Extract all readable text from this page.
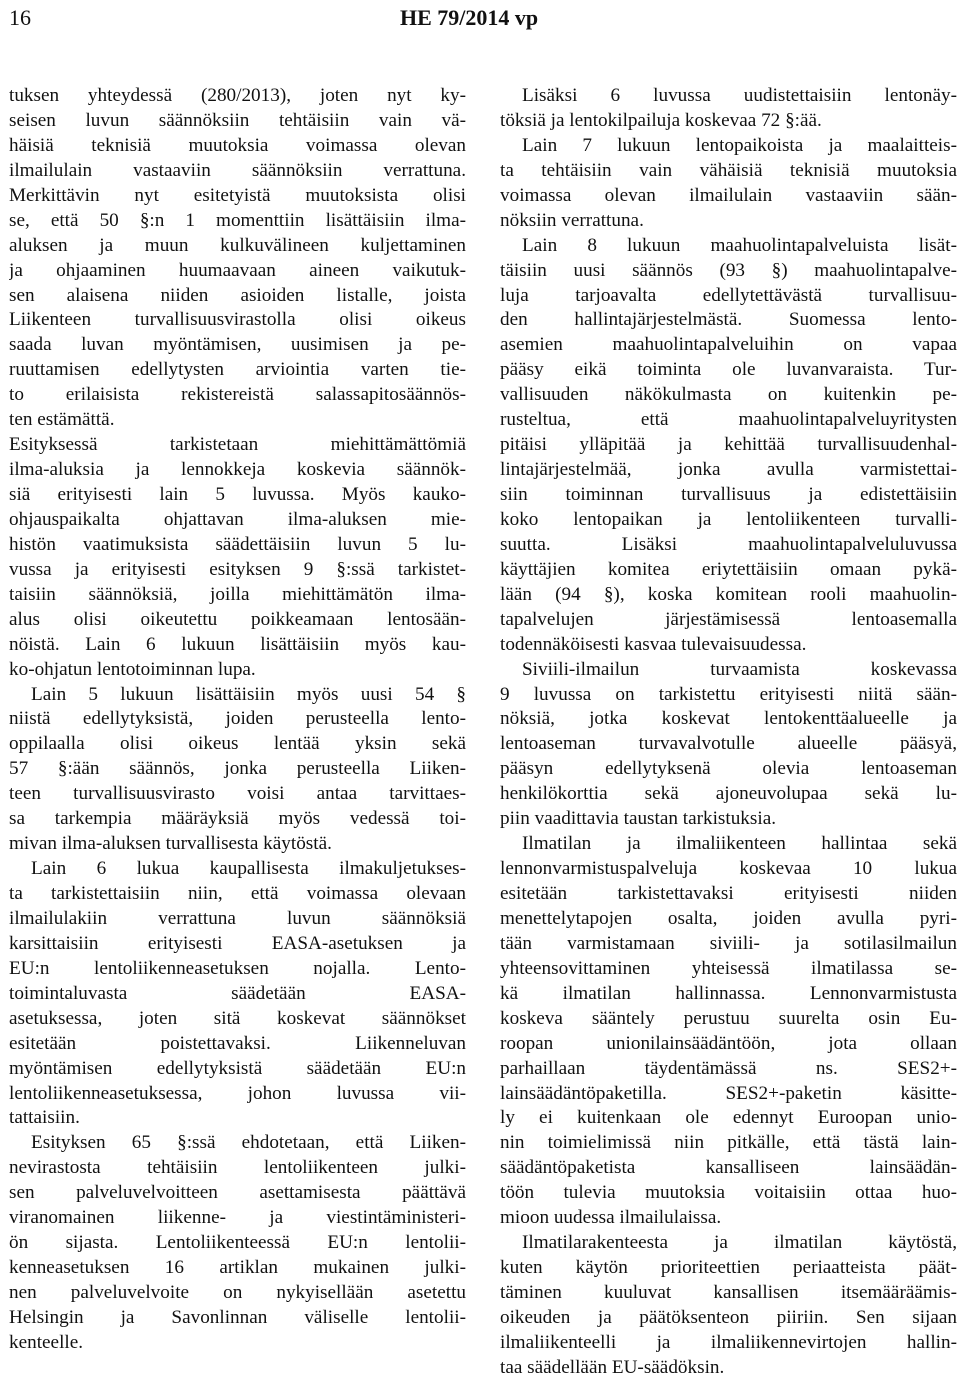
16	HE 79/2014 vp
tuksen yhteydessä (280/2013), joten nyt ky-
seisen luvun säännöksiin tehtäisiin vain vä-
häisiä teknisiä muutoksia voimassa olevan
ilmailulain vastaaviin säännöksiin verrattuna.
Merkittävin nyt esitetyistä muutoksista olisi
se, että 50 §:n 1 momenttiin lisättäisiin ilma-
aluksen ja muun kulkuvälineen kuljettaminen
ja ohjaaminen huumaavaan aineen vaikutuk-
sen alaisena niiden asioiden listalle, joista
Liikenteen turvallisuusvirastolla olisi oikeus
saada luvan myöntämisen, uusimisen ja pe-
ruuttamisen edellytysten arviointia varten tie-
to erilaisista rekistereistä salassapitosäännös-
ten estämättä.
Esityksessä tarkistetaan miehittämättömiä
ilma-aluksia ja lennokkeja koskevia säännök-
siä erityisesti lain 5 luvussa. Myös kauko-
ohjauspaikalta ohjattavan ilma-aluksen mie-
histön vaatimuksista säädettäisiin luvun 5 lu-
vussa ja erityisesti esityksen 9 §:ssä tarkistet-
taisiin säännöksiä, joilla miehittämätön ilma-
alus olisi oikeutettu poikkeamaan lentosään-
nöistä. Lain 6 lukuun lisättäisiin myös kau-
ko-ohjatun lentotoiminnan lupa.
Lain 5 lukuun lisättäisiin myös uusi 54 §
niistä edellytyksistä, joiden perusteella lento-
oppilaalla olisi oikeus lentää yksin sekä
57 §:ään säännös, jonka perusteella Liiken-
teen turvallisuusvirasto voisi antaa tarvittaes-
sa tarkempia määräyksiä myös vedessä toi-
mivan ilma-aluksen turvallisesta käytöstä.
Lain 6 lukua kaupallisesta ilmakuljetukses-
ta tarkistettaisiin niin, että voimassa olevaan
ilmailulakiin verrattuna luvun säännöksiä
karsittaisiin erityisesti EASA-asetuksen ja
EU:n lentoliikenneasetuksen nojalla. Lento-
toimintaluvasta säädetään EASA-
asetuksessa, joten sitä koskevat säännökset
esitetään poistettavaksi. Liikenneluvan
myöntämisen edellytyksistä säädetään EU:n
lentoliikenneasetuksessa, johon luvussa vii-
tattaisiin.
Esityksen 65 §:ssä ehdotetaan, että Liiken-
nevirastosta tehtäisiin lentoliikenteen julki-
sen palveluvelvoitteen asettamisesta päättävä
viranomainen liikenne- ja viestintäministeri-
ön sijasta. Lentoliikenteessä EU:n lentolii-
kenneasetuksen 16 artiklan mukainen julki-
nen palveluvelvoite on nykyisellään asetettu
Helsingin ja Savonlinnan väliselle lentolii-
kenteelle.
Lisäksi 6 luvussa uudistettaisiin lentonäy-
töksiä ja lentokilpailuja koskevaa 72 §:ää.
Lain 7 lukuun lentopaikoista ja maalaitteis-
ta tehtäisiin vain vähäisiä teknisiä muutoksia
voimassa olevan ilmailulain vastaaviin sään-
nöksiin verrattuna.
Lain 8 lukuun maahuolintapalveluista lisät-
täisiin uusi säännös (93 §) maahuolintapalve-
luja tarjoavalta edellytettävästä turvallisuu-
den hallintajärjestelmästä. Suomessa lento-
asemien maahuolintapalveluihin on vapaa
pääsy eikä toiminta ole luvanvaraista. Tur-
vallisuuden näkökulmasta on kuitenkin pe-
rusteltua, että maahuolintapalveluyritysten
pitäisi ylläpitää ja kehittää turvallisuudenhal-
lintajärjestelmää, jonka avulla varmistettai-
siin toiminnan turvallisuus ja edistettäisiin
koko lentopaikan ja lentoliikenteen turvalli-
suutta. Lisäksi maahuolintapalveluluvussa
käyttäjien komitea eriytettäisiin omaan pykä-
lään (94 §), koska komitean rooli maahuolin-
tapalvelujen järjestämisessä lentoasemalla
todennäköisesti kasvaa tulevaisuudessa.
Siviili-ilmailun turvaamista koskevassa
9 luvussa on tarkistettu erityisesti niitä sään-
nöksiä, jotka koskevat lentokenttäalueelle ja
lentoaseman turvavalvotulle alueelle pääsyä,
pääsyn edellytyksenä olevia lentoaseman
henkilökorttia sekä ajoneuvolupaa sekä lu-
piin vaadittavia taustan tarkistuksia.
Ilmatilan ja ilmaliikenteen hallintaa sekä
lennonvarmistuspalveluja koskevaa 10 lukua
esitetään tarkistettavaksi erityisesti niiden
menettelytapojen osalta, joiden avulla pyri-
tään varmistamaan siviili- ja sotilasilmailun
yhteensovittaminen yhteisessä ilmatilassa se-
kä ilmatilan hallinnassa. Lennonvarmistusta
koskeva sääntely perustuu suurelta osin Eu-
roopan unionilainsäädäntöön, jota ollaan
parhaillaan täydentämässä ns. SES2+-
lainsäädäntöpaketilla. SES2+-paketin käsitte-
ly ei kuitenkaan ole edennyt Euroopan unio-
nin toimielimissä niin pitkälle, että tästä lain-
säädäntöpaketista kansalliseen lainsäädän-
töön tulevia muutoksia voitaisiin ottaa huo-
mioon uudessa ilmailulaissa.
Ilmatilarakenteesta ja ilmatilan käytöstä,
kuten käytön prioriteettien periaatteista päät-
täminen kuuluvat kansallisen itsemääräämis-
oikeuden ja päätöksenteon piiriin. Sen sijaan
ilmaliikenteelli ja ilmaliikennevirtojen hallin-
taa säädellään EU-säädöksin.
